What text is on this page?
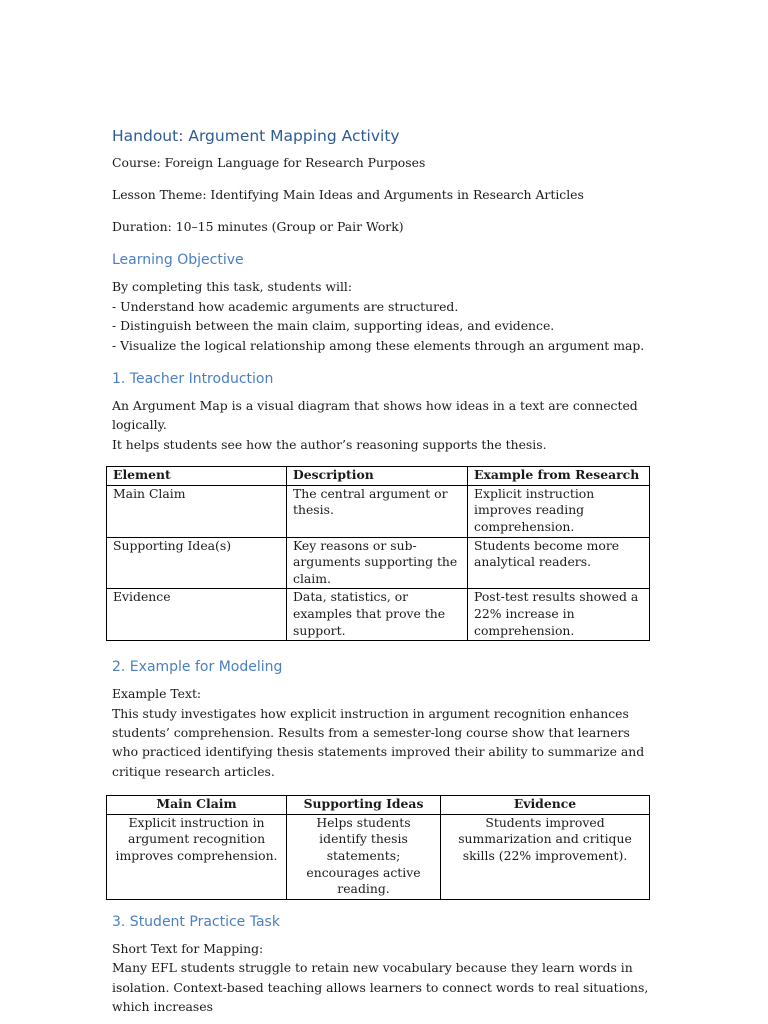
Handout: Argument Mapping Activity

Course: Foreign Language for Research Purposes

Lesson Theme: Identifying Main Ideas and Arguments in Research Articles

Duration: 10–15 minutes (Group or Pair Work)

Learning Objective

By completing this task, students will:

- Understand how academic arguments are structured.

- Distinguish between the main claim, supporting ideas, and evidence.

- Visualize the logical relationship among these elements through an argument map.

1. Teacher Introduction

An Argument Map is a visual diagram that shows how ideas in a text are connected logically.

It helps students see how the author’s reasoning supports the thesis.

Element	Description	Example from Research
Main Claim	The central argument or thesis.	Explicit instruction improves reading comprehension.
Supporting Idea(s)	Key reasons or sub-arguments supporting the claim.	Students become more analytical readers.
Evidence	Data, statistics, or examples that prove the support.	Post-test results showed a 22% increase in comprehension.
2. Example for Modeling

Example Text:

This study investigates how explicit instruction in argument recognition enhances students’ comprehension. Results from a semester-long course show that learners who practiced identifying thesis statements improved their ability to summarize and critique research articles.

Main Claim	Supporting Ideas	Evidence
Explicit instruction in argument recognition improves comprehension.	Helps students identify thesis statements; encourages active reading.	Students improved summarization and critique skills (22% improvement).
3. Student Practice Task

Short Text for Mapping:

Many EFL students struggle to retain new vocabulary because they learn words in isolation. Context-based teaching allows learners to connect words to real situations, which increases
